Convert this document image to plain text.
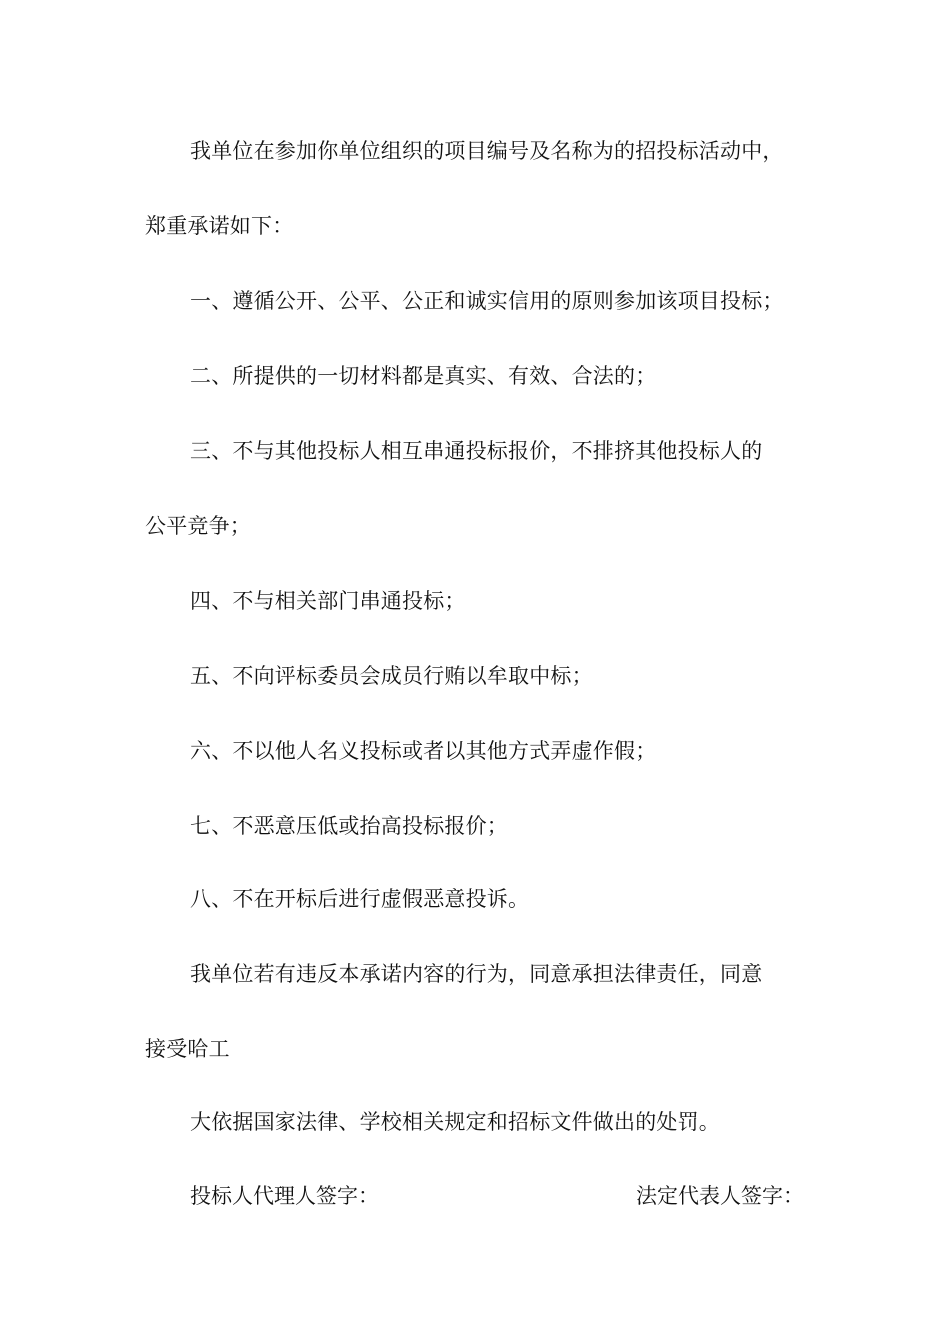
我单位在参加你单位组织的项目编号及名称为的招投标活动中，
郑重承诺如下：
一、遵循公开、公平、公正和诚实信用的原则参加该项目投标；
二、所提供的一切材料都是真实、有效、合法的；
三、不与其他投标人相互串通投标报价，不排挤其他投标人的
公平竞争；
四、不与相关部门串通投标；
五、不向评标委员会成员行贿以牟取中标；
六、不以他人名义投标或者以其他方式弄虚作假；
七、不恶意压低或抬高投标报价；
八、不在开标后进行虚假恶意投诉。
我单位若有违反本承诺内容的行为，同意承担法律责任，同意
接受哈工
大依据国家法律、学校相关规定和招标文件做出的处罚。
投标人代理人签字：	法定代表人签字：
